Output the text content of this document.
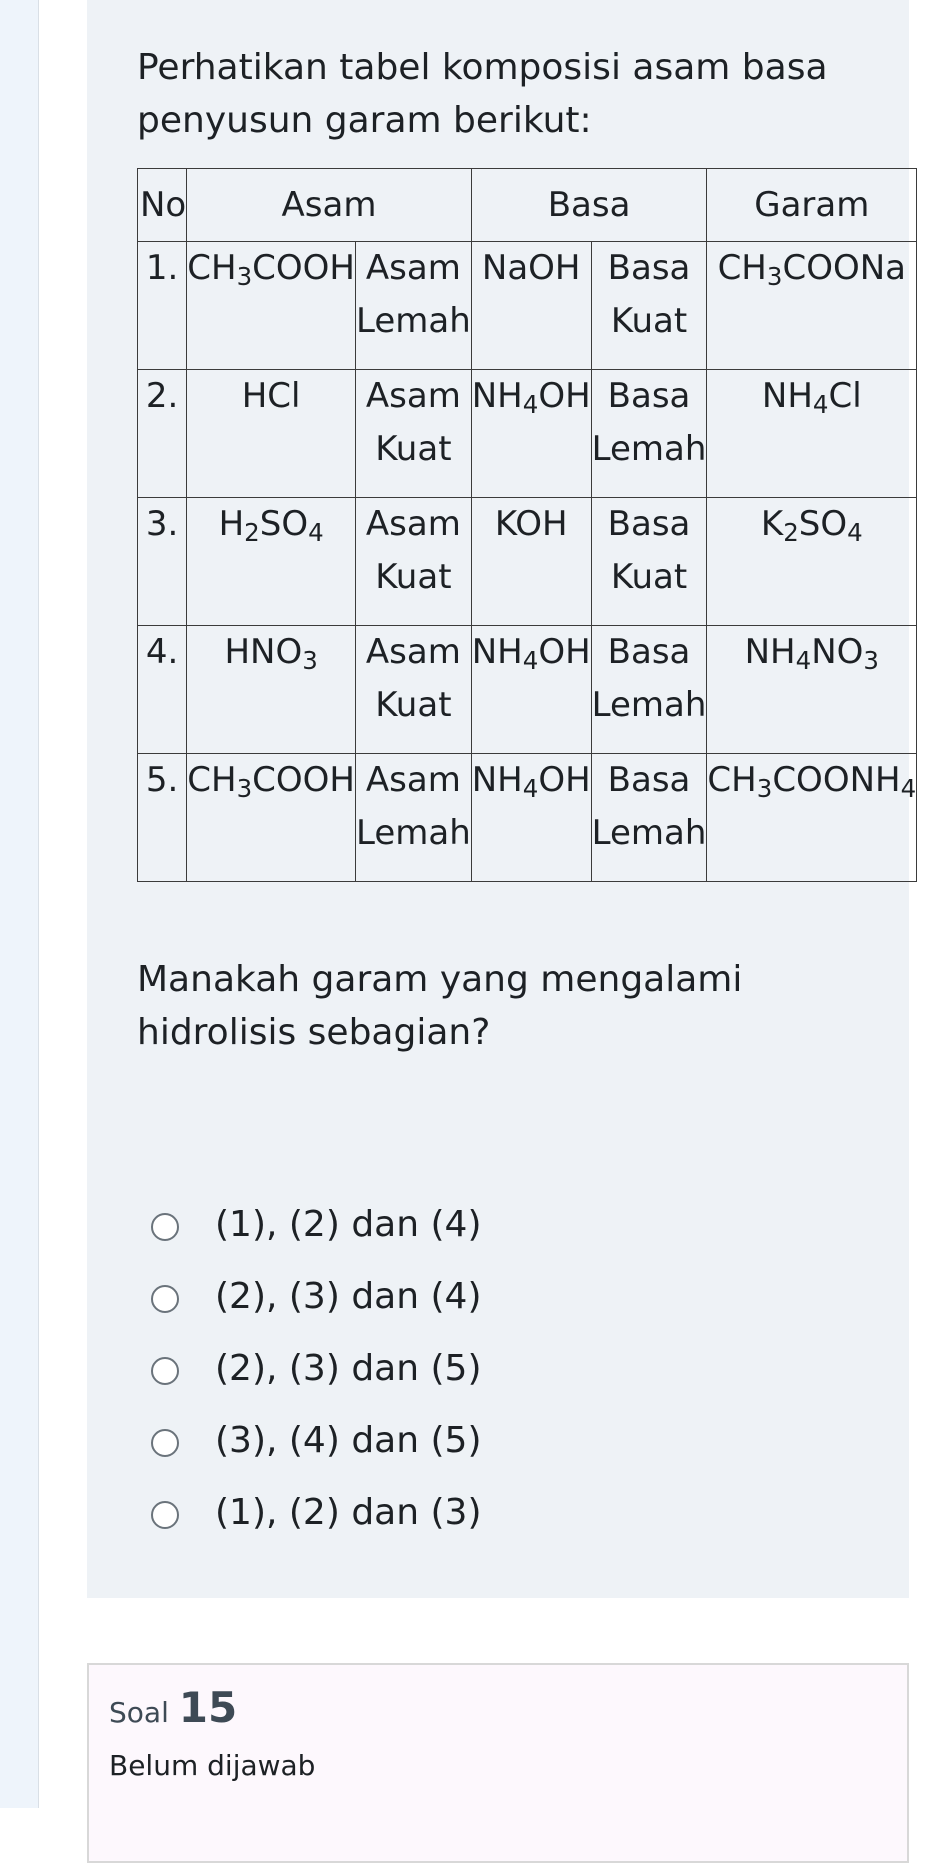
Perhatikan tabel komposisi asam basa penyusun garam berikut:

No	Asam		Basa		Garam
1.	$CH_3COOH$	Asam Lemah	NaOH	Basa Kuat	$CH_3COONa$
2.	HCl	Asam Kuat	$NH_4OH$	Basa Lemah	$NH_4Cl$
3.	$H_2SO_4$	Asam Kuat	KOH	Basa Kuat	$K_2SO_4$
4.	$HNO_3$	Asam Kuat	$NH_4OH$	Basa Lemah	$NH_4NO_3$
5.	$CH_3COOH$	Asam Lemah	$NH_4OH$	Basa Lemah	$CH_3COONH_4$

Manakah garam yang mengalami hidrolisis sebagian?

(1), (2) dan (4)
(2), (3) dan (4)
(2), (3) dan (5)
(3), (4) dan (5)
(1), (2) dan (3)
Soal 15
Belum dijawab
